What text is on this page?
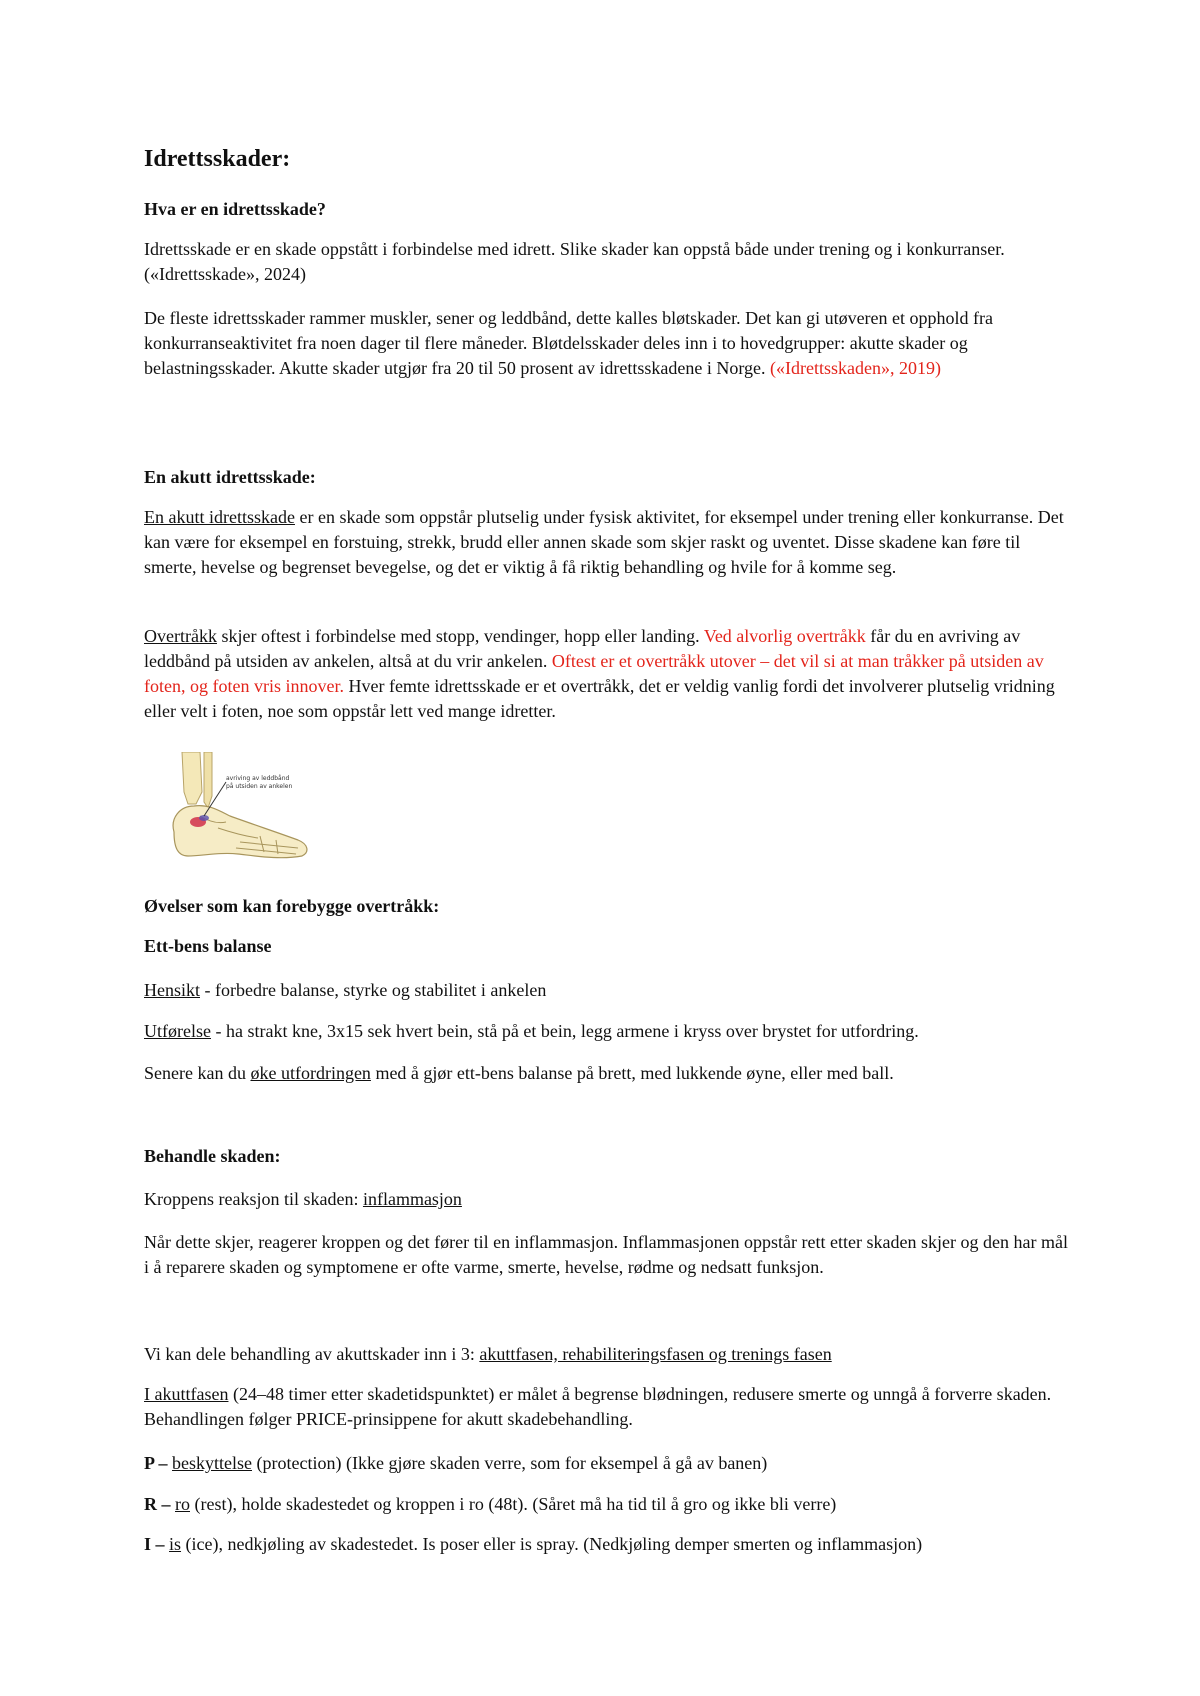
Idrettsskader:
Hva er en idrettsskade?

Idrettsskade er en skade oppstått i forbindelse med idrett. Slike skader kan oppstå både under trening og i konkurranser. («Idrettsskade», 2024)

De fleste idrettsskader rammer muskler, sener og leddbånd, dette kalles bløtskader. Det kan gi utøveren et opphold fra konkurranseaktivitet fra noen dager til flere måneder. Bløtdelsskader deles inn i to hovedgrupper: akutte skader og belastningsskader. Akutte skader utgjør fra 20 til 50 prosent av idrettsskadene i Norge. («Idrettsskaden», 2019)

En akutt idrettsskade:

En akutt idrettsskade er en skade som oppstår plutselig under fysisk aktivitet, for eksempel under trening eller konkurranse. Det kan være for eksempel en forstuing, strekk, brudd eller annen skade som skjer raskt og uventet. Disse skadene kan føre til smerte, hevelse og begrenset bevegelse, og det er viktig å få riktig behandling og hvile for å komme seg.

Overtråkk skjer oftest i forbindelse med stopp, vendinger, hopp eller landing. Ved alvorlig overtråkk får du en avriving av leddbånd på utsiden av ankelen, altså at du vrir ankelen. Oftest er et overtråkk utover – det vil si at man tråkker på utsiden av foten, og foten vris innover. Hver femte idrettsskade er et overtråkk, det er veldig vanlig fordi det involverer plutselig vridning eller velt i foten, noe som oppstår lett ved mange idretter.

avriving av leddbånd
på utsiden av ankelen
Øvelser som kan forebygge overtråkk:
Ett-bens balanse

Hensikt - forbedre balanse, styrke og stabilitet i ankelen

Utførelse - ha strakt kne, 3x15 sek hvert bein, stå på et bein, legg armene i kryss over brystet for utfordring.

Senere kan du øke utfordringen med å gjør ett-bens balanse på brett, med lukkende øyne, eller med ball.

Behandle skaden:

Kroppens reaksjon til skaden: inflammasjon

Når dette skjer, reagerer kroppen og det fører til en inflammasjon. Inflammasjonen oppstår rett etter skaden skjer og den har mål i å reparere skaden og symptomene er ofte varme, smerte, hevelse, rødme og nedsatt funksjon.

Vi kan dele behandling av akuttskader inn i 3: akuttfasen, rehabiliteringsfasen og trenings fasen

I akuttfasen (24–48 timer etter skadetidspunktet) er målet å begrense blødningen, redusere smerte og unngå å forverre skaden. Behandlingen følger PRICE-prinsippene for akutt skadebehandling.

P – beskyttelse (protection) (Ikke gjøre skaden verre, som for eksempel å gå av banen)

R – ro (rest), holde skadestedet og kroppen i ro (48t). (Såret må ha tid til å gro og ikke bli verre)

I – is (ice), nedkjøling av skadestedet. Is poser eller is spray. (Nedkjøling demper smerten og inflammasjon)
